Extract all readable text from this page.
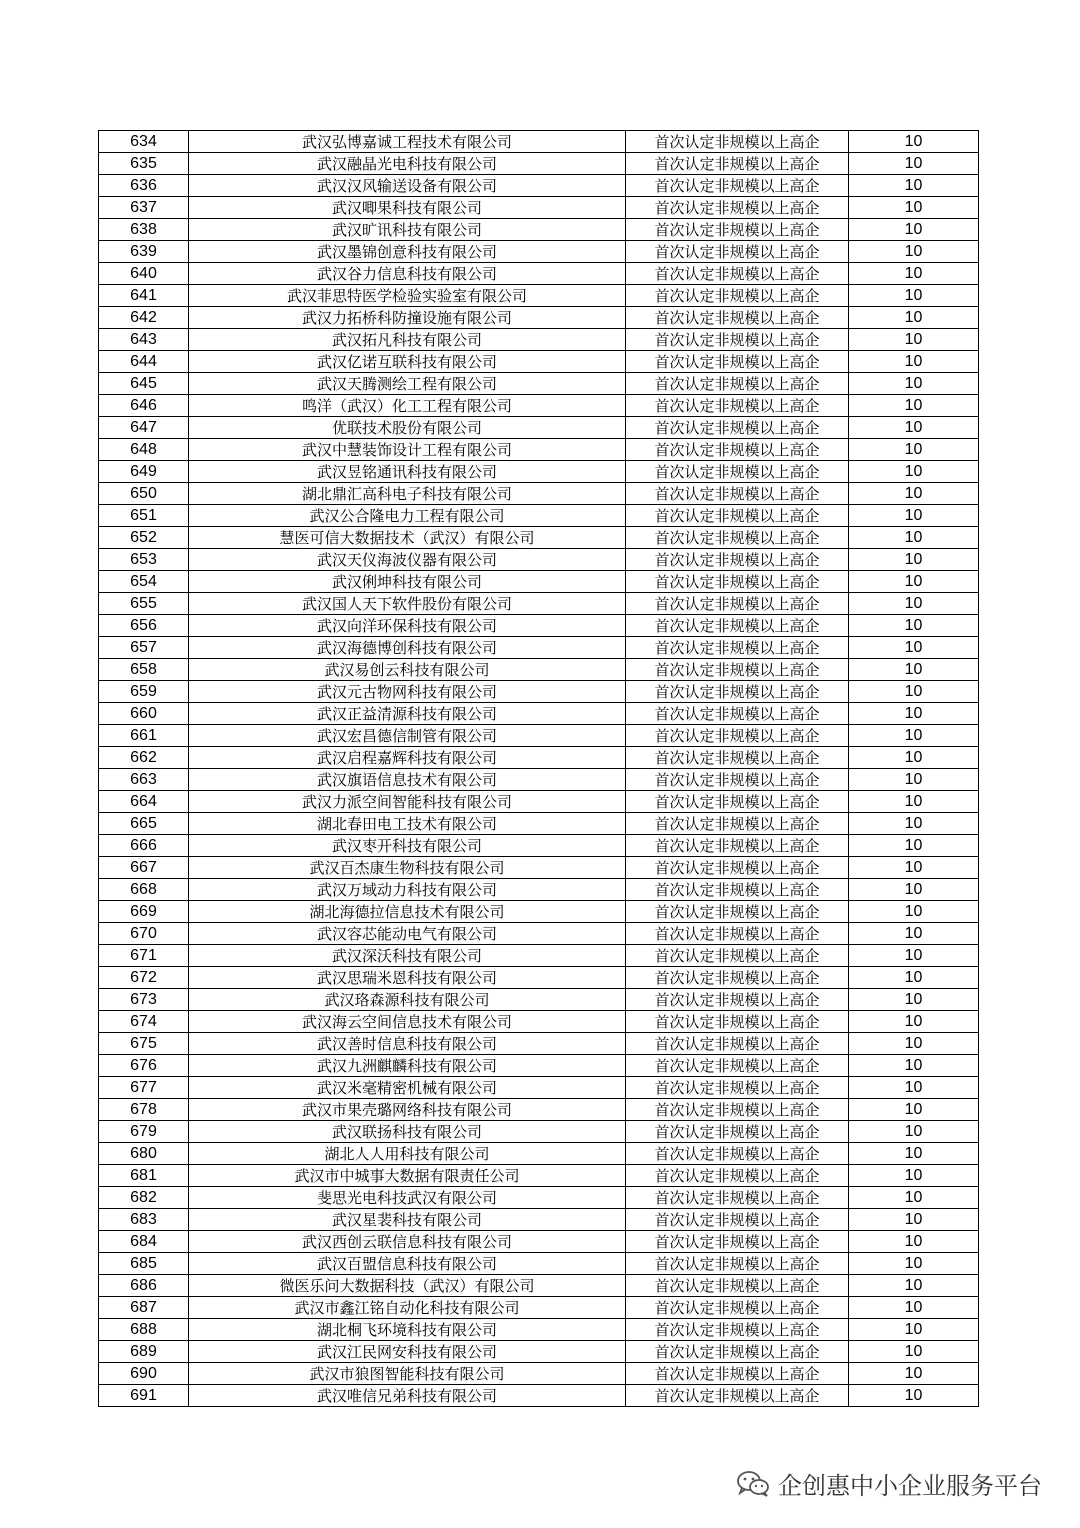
634	武汉弘博嘉诚工程技术有限公司	首次认定非规模以上高企	10
635	武汉融晶光电科技有限公司	首次认定非规模以上高企	10
636	武汉汉风输送设备有限公司	首次认定非规模以上高企	10
637	武汉唧果科技有限公司	首次认定非规模以上高企	10
638	武汉旷讯科技有限公司	首次认定非规模以上高企	10
639	武汉墨锦创意科技有限公司	首次认定非规模以上高企	10
640	武汉谷力信息科技有限公司	首次认定非规模以上高企	10
641	武汉菲思特医学检验实验室有限公司	首次认定非规模以上高企	10
642	武汉力拓桥科防撞设施有限公司	首次认定非规模以上高企	10
643	武汉拓凡科技有限公司	首次认定非规模以上高企	10
644	武汉亿诺互联科技有限公司	首次认定非规模以上高企	10
645	武汉天腾测绘工程有限公司	首次认定非规模以上高企	10
646	鸣洋（武汉）化工工程有限公司	首次认定非规模以上高企	10
647	优联技术股份有限公司	首次认定非规模以上高企	10
648	武汉中慧装饰设计工程有限公司	首次认定非规模以上高企	10
649	武汉昱铭通讯科技有限公司	首次认定非规模以上高企	10
650	湖北鼎汇高科电子科技有限公司	首次认定非规模以上高企	10
651	武汉公合隆电力工程有限公司	首次认定非规模以上高企	10
652	慧医可信大数据技术（武汉）有限公司	首次认定非规模以上高企	10
653	武汉天仪海波仪器有限公司	首次认定非规模以上高企	10
654	武汉俐坤科技有限公司	首次认定非规模以上高企	10
655	武汉国人天下软件股份有限公司	首次认定非规模以上高企	10
656	武汉向洋环保科技有限公司	首次认定非规模以上高企	10
657	武汉海德博创科技有限公司	首次认定非规模以上高企	10
658	武汉易创云科技有限公司	首次认定非规模以上高企	10
659	武汉元古物网科技有限公司	首次认定非规模以上高企	10
660	武汉正益清源科技有限公司	首次认定非规模以上高企	10
661	武汉宏昌德信制管有限公司	首次认定非规模以上高企	10
662	武汉启程嘉辉科技有限公司	首次认定非规模以上高企	10
663	武汉旗语信息技术有限公司	首次认定非规模以上高企	10
664	武汉力派空间智能科技有限公司	首次认定非规模以上高企	10
665	湖北春田电工技术有限公司	首次认定非规模以上高企	10
666	武汉枣开科技有限公司	首次认定非规模以上高企	10
667	武汉百杰康生物科技有限公司	首次认定非规模以上高企	10
668	武汉万域动力科技有限公司	首次认定非规模以上高企	10
669	湖北海德拉信息技术有限公司	首次认定非规模以上高企	10
670	武汉容芯能动电气有限公司	首次认定非规模以上高企	10
671	武汉深沃科技有限公司	首次认定非规模以上高企	10
672	武汉思瑞米恩科技有限公司	首次认定非规模以上高企	10
673	武汉珞森源科技有限公司	首次认定非规模以上高企	10
674	武汉海云空间信息技术有限公司	首次认定非规模以上高企	10
675	武汉善时信息科技有限公司	首次认定非规模以上高企	10
676	武汉九洲麒麟科技有限公司	首次认定非规模以上高企	10
677	武汉米毫精密机械有限公司	首次认定非规模以上高企	10
678	武汉市果壳璐网络科技有限公司	首次认定非规模以上高企	10
679	武汉联扬科技有限公司	首次认定非规模以上高企	10
680	湖北人人用科技有限公司	首次认定非规模以上高企	10
681	武汉市中城事大数据有限责任公司	首次认定非规模以上高企	10
682	斐思光电科技武汉有限公司	首次认定非规模以上高企	10
683	武汉星裴科技有限公司	首次认定非规模以上高企	10
684	武汉西创云联信息科技有限公司	首次认定非规模以上高企	10
685	武汉百盟信息科技有限公司	首次认定非规模以上高企	10
686	微医乐问大数据科技（武汉）有限公司	首次认定非规模以上高企	10
687	武汉市鑫江铭自动化科技有限公司	首次认定非规模以上高企	10
688	湖北桐飞环境科技有限公司	首次认定非规模以上高企	10
689	武汉江民网安科技有限公司	首次认定非规模以上高企	10
690	武汉市狼图智能科技有限公司	首次认定非规模以上高企	10
691	武汉唯信兄弟科技有限公司	首次认定非规模以上高企	10
企创惠中小企业服务平台
